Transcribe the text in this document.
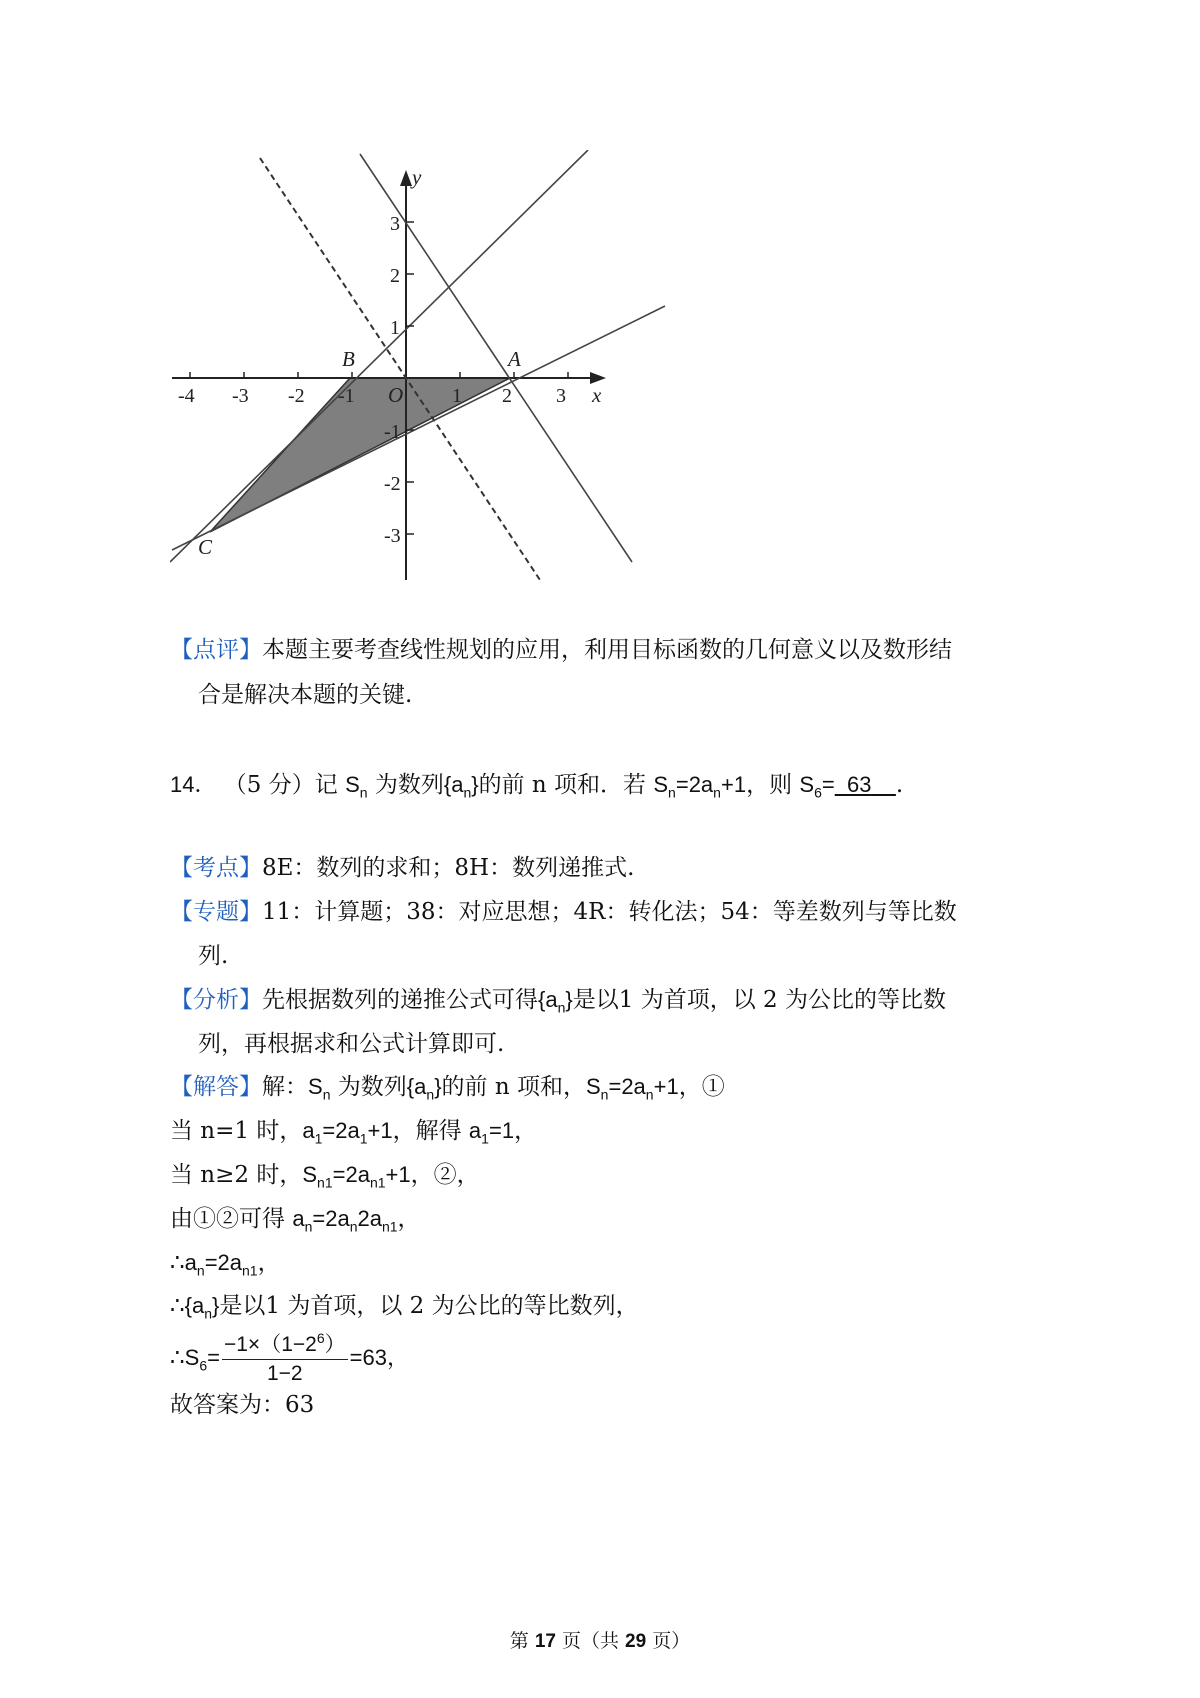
-4 -3 -2 -1	1 2 3
3
2
1
-1
-2
-3
O	x
y
A
B
C
【点评】本题主要考查线性规划的应用，利用目标函数的几何意义以及数形结
合是解决本题的关键.
14． （5 分）记 $S_n$ 为数列$\{a_n\}$的前 n 项和．若 $S_n=2a_n+1$，则 $S_6=$  ﻿63 .
【考点】8E：数列的求和；8H：数列递推式.
【专题】11：计算题；38：对应思想；4R：转化法；54：等差数列与等比数
列.
【分析】先根据数列的递推公式可得$\{a_n\}$是以﻿1 为首项，以 2 为公比的等比数
列，再根据求和公式计算即可.
【解答】解：$S_n$ 为数列$\{a_n\}$的前 n 项和，$S_n=2a_n+1$，①
当 n=1 时，$a_1=2a_1+1$，解得 $a_1=﻿1$，
当 n≥2 时，$S_{n﻿1}=2a_{n﻿1}+1$，②，
由①﻿②可得 $a_n=2a_n﻿2a_{n﻿1}$，
$\therefore a_n=2a_{n﻿1}$，
$\therefore\{a_n\}$是以﻿1 为首项，以 2 为公比的等比数列，
$\therefore S_6= \frac{-1\times(1-2^6)}{1-2}$ =﻿63，
故答案为：﻿63
第 17 页（共 29 页）
